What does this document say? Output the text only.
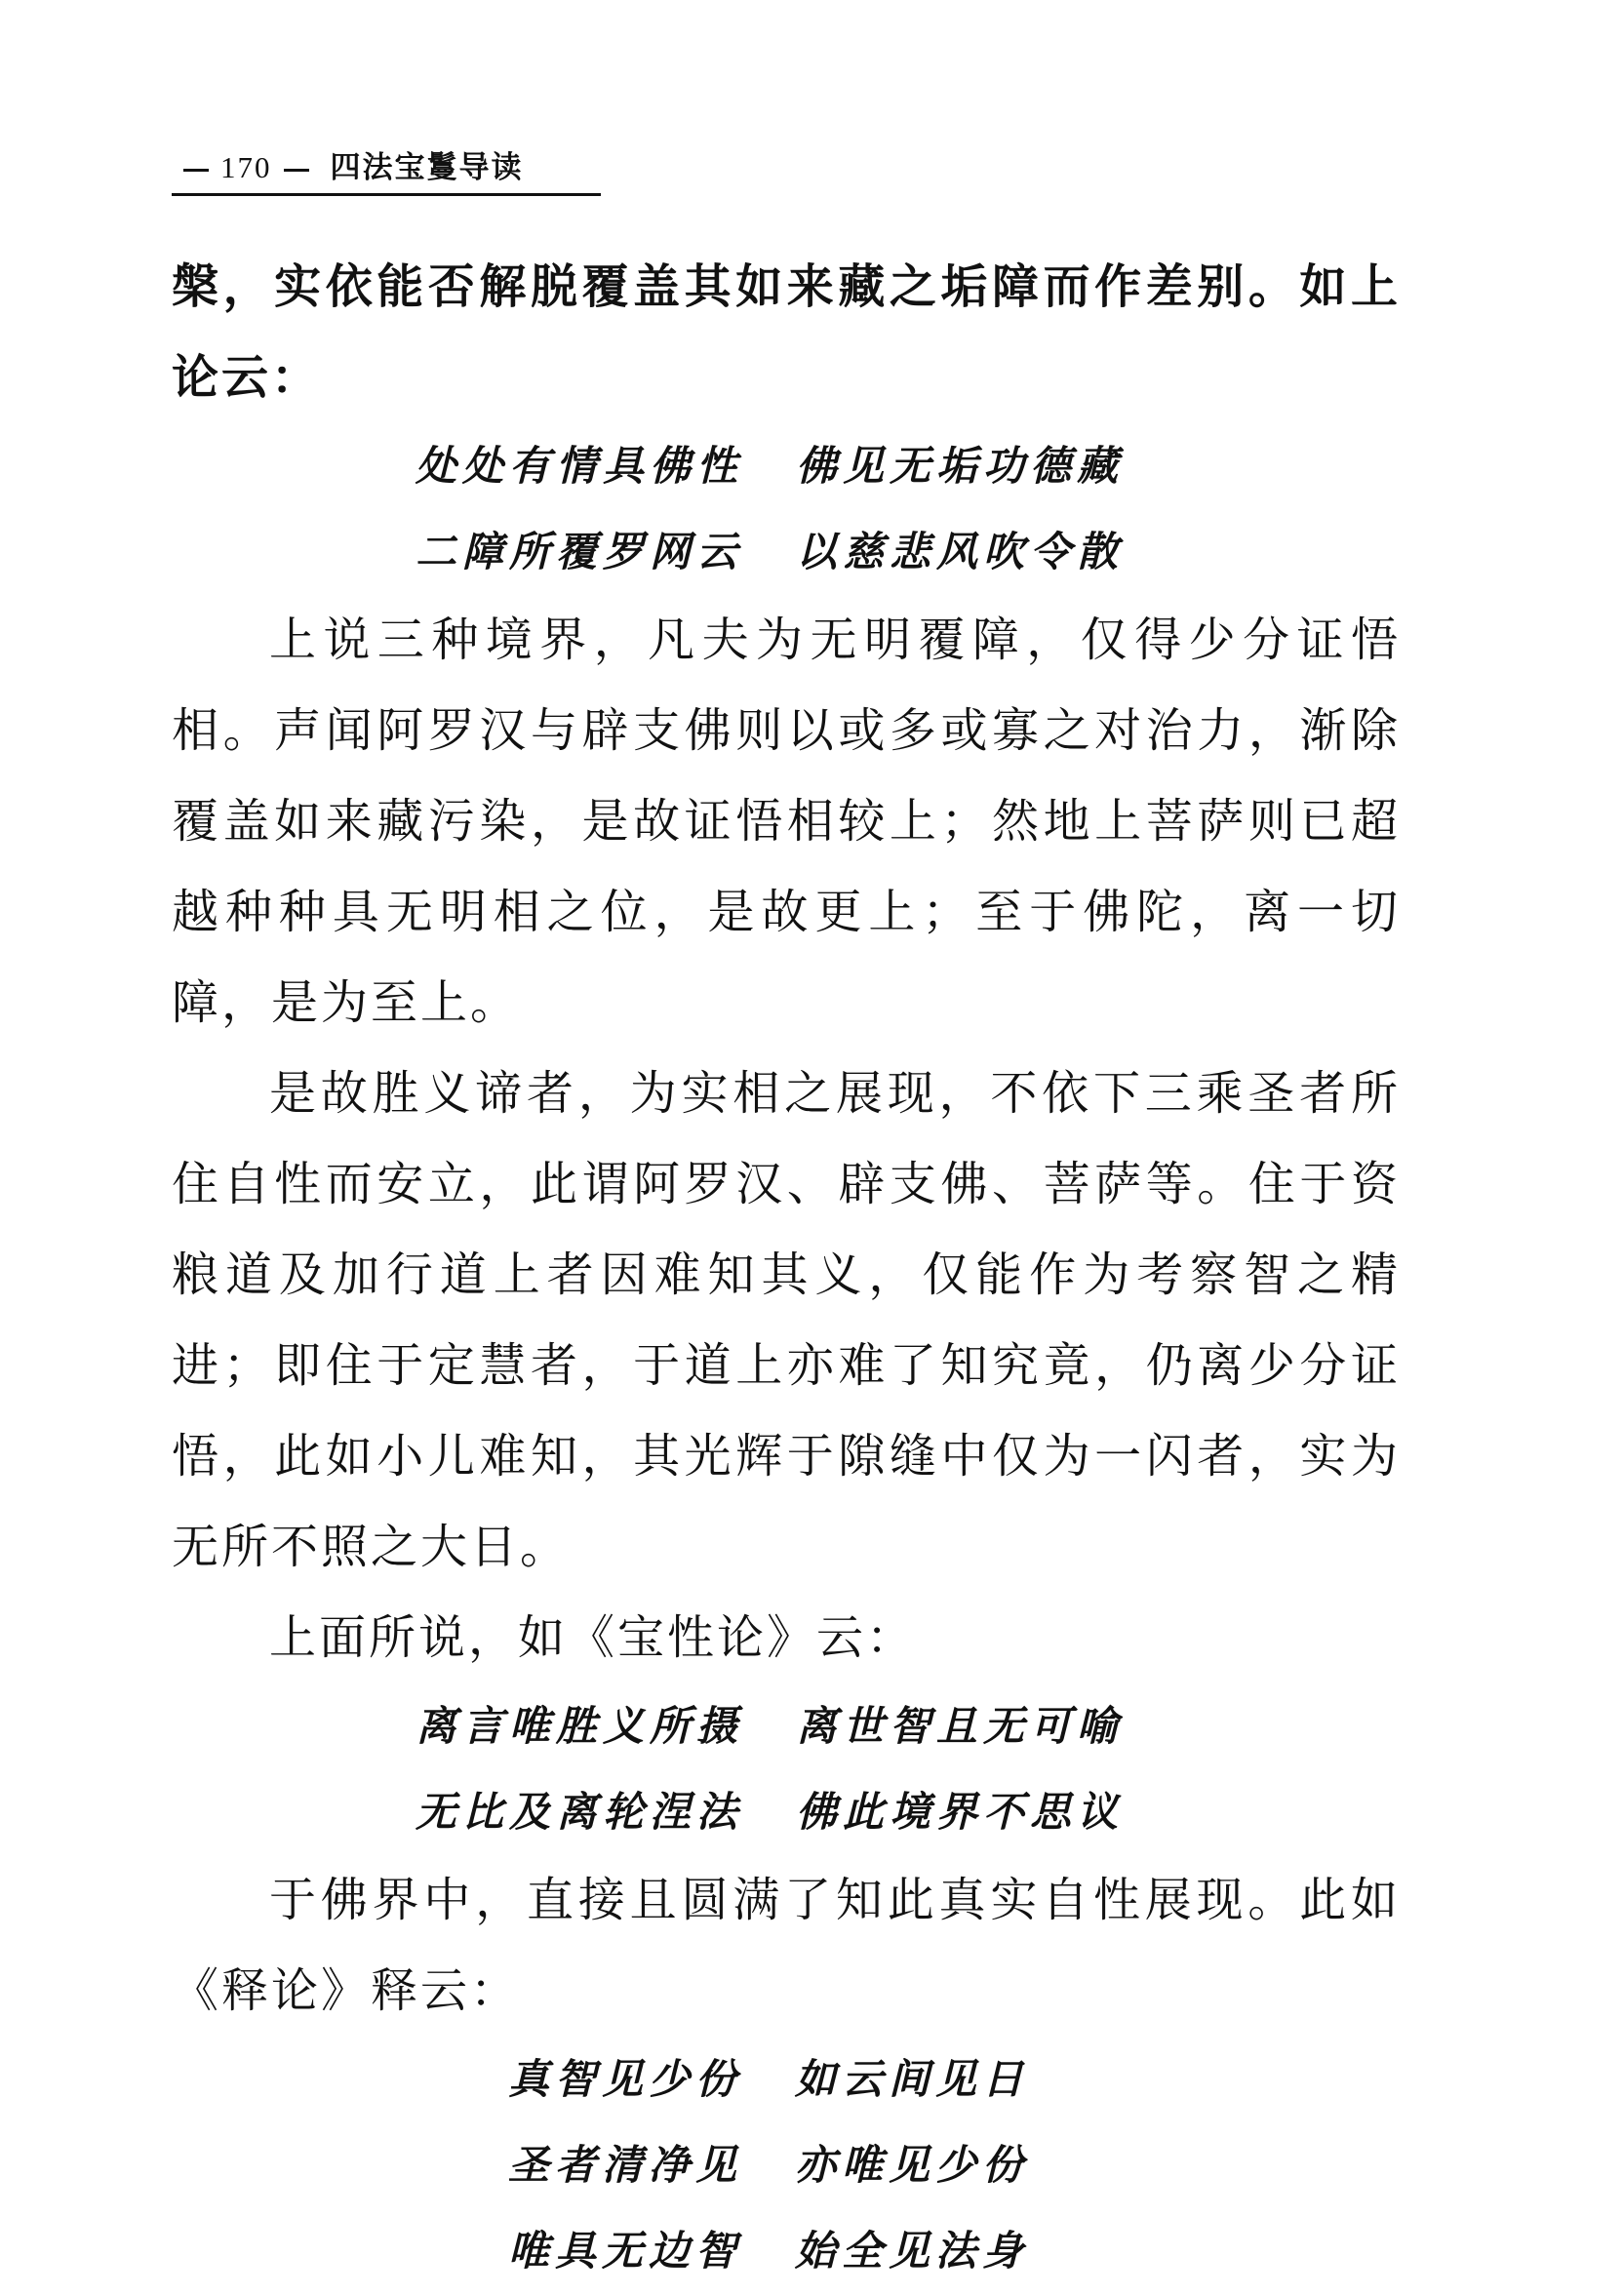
170 四法宝鬘导读

槃，实依能否解脱覆盖其如来藏之垢障而作差别。如上论云：

处处有情具佛性 佛见无垢功德藏

二障所覆罗网云 以慈悲风吹令散

上说三种境界，凡夫为无明覆障，仅得少分证悟相。声闻阿罗汉与辟支佛则以或多或寡之对治力，渐除覆盖如来藏污染，是故证悟相较上；然地上菩萨则已超越种种具无明相之位，是故更上；至于佛陀，离一切障，是为至上。

是故胜义谛者，为实相之展现，不依下三乘圣者所住自性而安立，此谓阿罗汉、辟支佛、菩萨等。住于资粮道及加行道上者因难知其义，仅能作为考察智之精进；即住于定慧者，于道上亦难了知究竟，仍离少分证悟，此如小儿难知，其光辉于隙缝中仅为一闪者，实为无所不照之大日。

上面所说，如《宝性论》云：

离言唯胜义所摄 离世智且无可喻

无比及离轮涅法 佛此境界不思议

于佛界中，直接且圆满了知此真实自性展现。此如《释论》释云：

真智见少份 如云间见日

圣者清净见 亦唯见少份

唯具无边智 始全见法身
